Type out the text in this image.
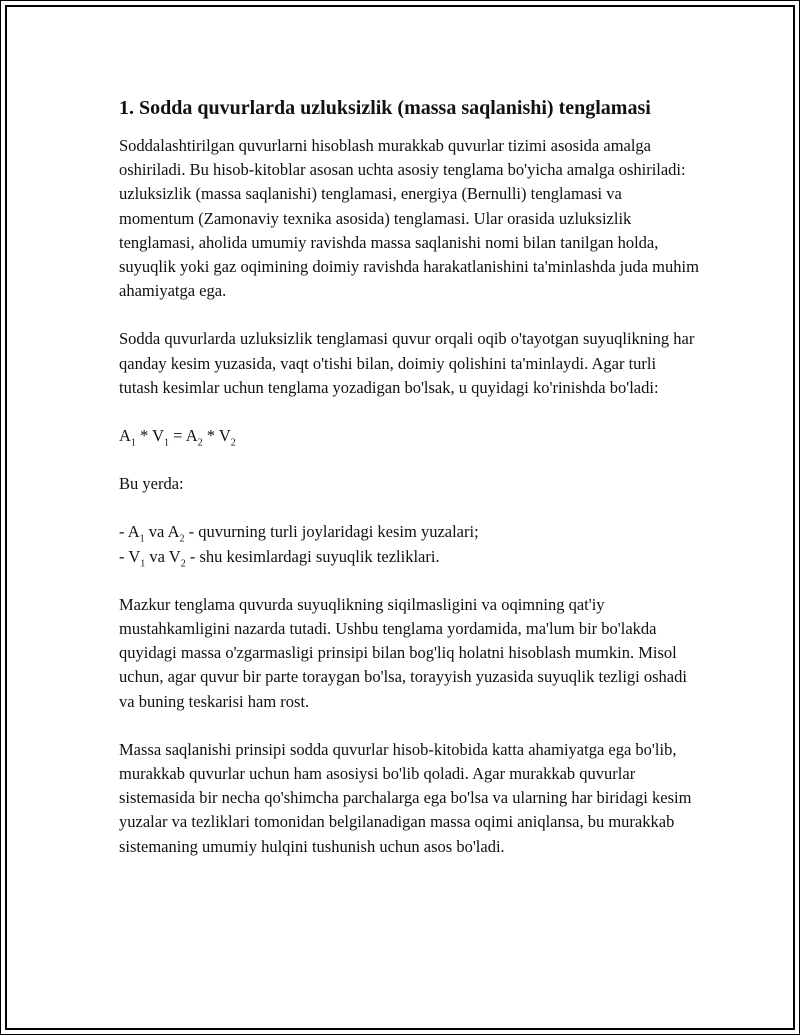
1. Sodda quvurlarda uzluksizlik (massa saqlanishi) tenglamasi

Soddalashtirilgan quvurlarni hisoblash murakkab quvurlar tizimi asosida amalga oshiriladi. Bu hisob-kitoblar asosan uchta asosiy tenglama bo'yicha amalga oshiriladi: uzluksizlik (massa saqlanishi) tenglamasi, energiya (Bernulli) tenglamasi va momentum (Zamonaviy texnika asosida) tenglamasi. Ular orasida uzluksizlik tenglamasi, aholida umumiy ravishda massa saqlanishi nomi bilan tanilgan holda, suyuqlik yoki gaz oqimining doimiy ravishda harakatlanishini ta'minlashda juda muhim ahamiyatga ega.

Sodda quvurlarda uzluksizlik tenglamasi quvur orqali oqib o'tayotgan suyuqlikning har qanday kesim yuzasida, vaqt o'tishi bilan, doimiy qolishini ta'minlaydi. Agar turli tutash kesimlar uchun tenglama yozadigan bo'lsak, u quyidagi ko'rinishda bo'ladi:

$A_1 * V_1 = A_2 * V_2$

Bu yerda:

- $A_1$ va $A_2$ - quvurning turli joylaridagi kesim yuzalari;
- $V_1$ va $V_2$ - shu kesimlardagi suyuqlik tezliklari.

Mazkur tenglama quvurda suyuqlikning siqilmasligini va oqimning qat'iy mustahkamligini nazarda tutadi. Ushbu tenglama yordamida, ma'lum bir bo'lakda quyidagi massa o'zgarmasligi prinsipi bilan bog'liq holatni hisoblash mumkin. Misol uchun, agar quvur bir parte toraygan bo'lsa, torayyish yuzasida suyuqlik tezligi oshadi va buning teskarisi ham rost.

Massa saqlanishi prinsipi sodda quvurlar hisob-kitobida katta ahamiyatga ega bo'lib, murakkab quvurlar uchun ham asosiysi bo'lib qoladi. Agar murakkab quvurlar sistemasida bir necha qo'shimcha parchalarga ega bo'lsa va ularning har biridagi kesim yuzalar va tezliklari tomonidan belgilanadigan massa oqimi aniqlansa, bu murakkab sistemaning umumiy hulqini tushunish uchun asos bo'ladi.
